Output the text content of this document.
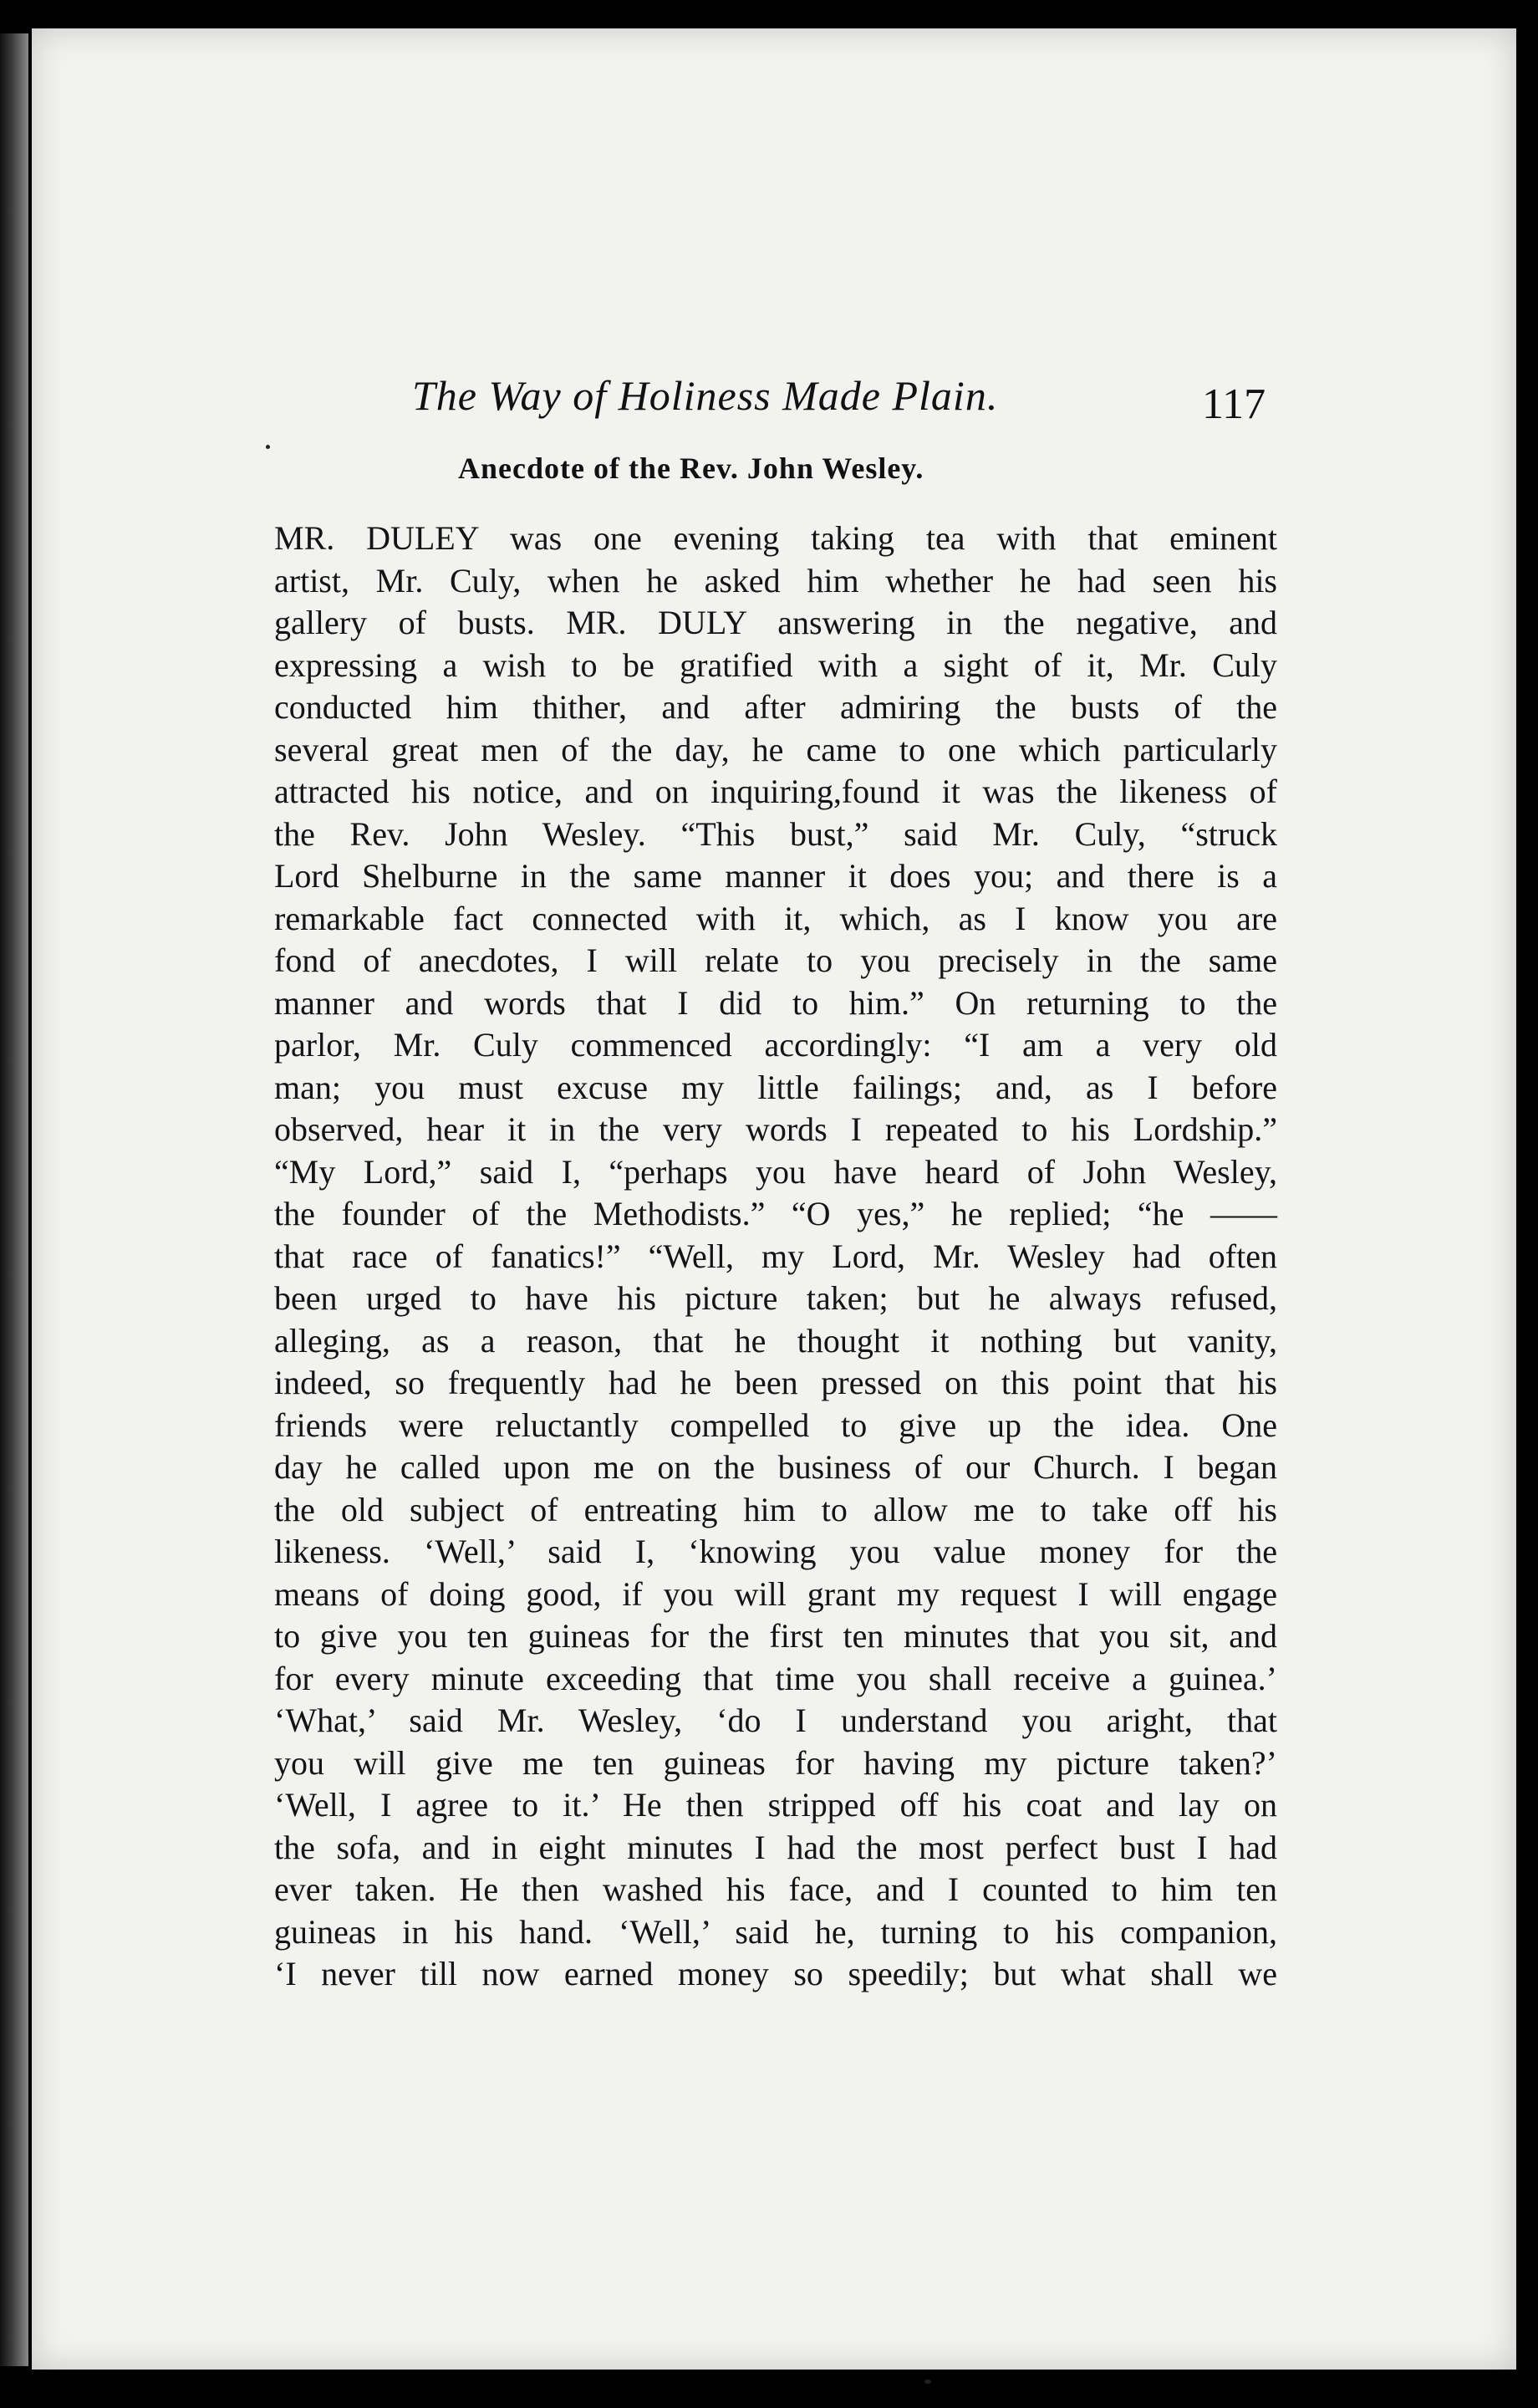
The Way of Holiness Made Plain.	117
Anecdote of the Rev. John Wesley.
MR. DULEY was one evening taking tea with that eminent
artist, Mr. Culy, when he asked him whether he had seen his
gallery of busts. MR. DULY answering in the negative, and
expressing a wish to be gratified with a sight of it, Mr. Culy
conducted him thither, and after admiring the busts of the
several great men of the day, he came to one which particularly
attracted his notice, and on inquiring,found it was the likeness of
the Rev. John Wesley. “This bust,” said Mr. Culy, “struck
Lord Shelburne in the same manner it does you; and there is a
remarkable fact connected with it, which, as I know you are
fond of anecdotes, I will relate to you precisely in the same
manner and words that I did to him.” On returning to the
parlor, Mr. Culy commenced accordingly: “I am a very old
man; you must excuse my little failings; and, as I before
observed, hear it in the very words I repeated to his Lordship.”
“My Lord,” said I, “perhaps you have heard of John Wesley,
the founder of the Methodists.” “O yes,” he replied; “he ——
that race of fanatics!” “Well, my Lord, Mr. Wesley had often
been urged to have his picture taken; but he always refused,
alleging, as a reason, that he thought it nothing but vanity,
indeed, so frequently had he been pressed on this point that his
friends were reluctantly compelled to give up the idea. One
day he called upon me on the business of our Church. I began
the old subject of entreating him to allow me to take off his
likeness. ‘Well,’ said I, ‘knowing you value money for the
means of doing good, if you will grant my request I will engage
to give you ten guineas for the first ten minutes that you sit, and
for every minute exceeding that time you shall receive a guinea.’
‘What,’ said Mr. Wesley, ‘do I understand you aright, that
you will give me ten guineas for having my picture taken?’
‘Well, I agree to it.’ He then stripped off his coat and lay on
the sofa, and in eight minutes I had the most perfect bust I had
ever taken. He then washed his face, and I counted to him ten
guineas in his hand. ‘Well,’ said he, turning to his companion,
‘I never till now earned money so speedily; but what shall we
